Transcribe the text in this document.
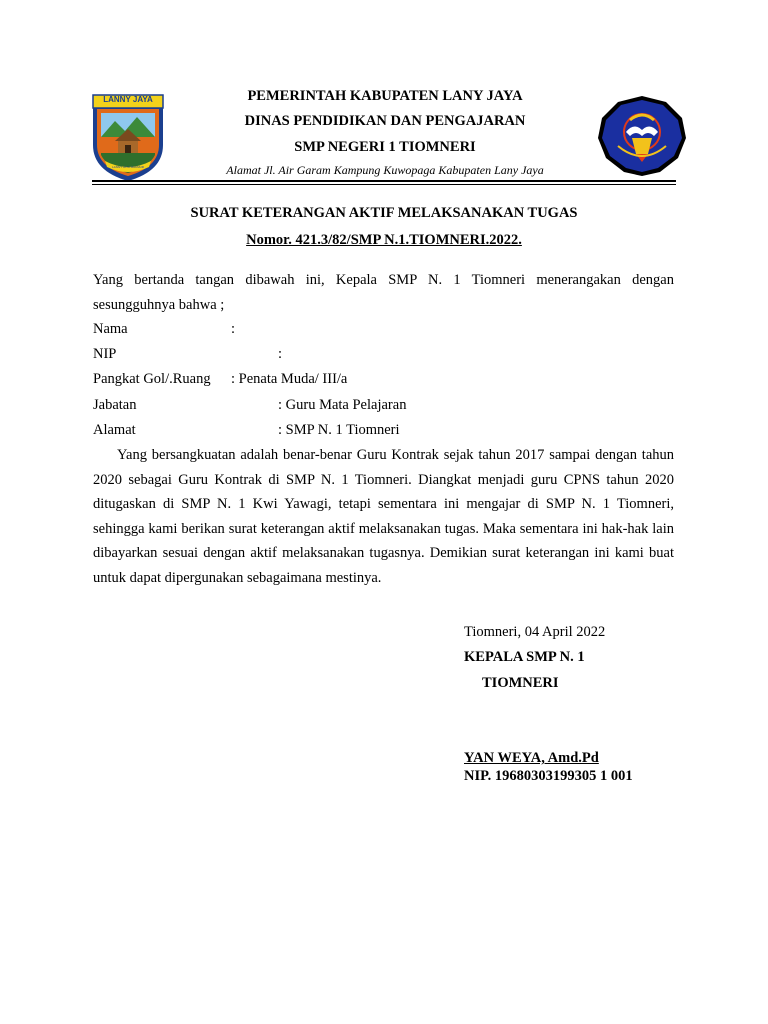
LANNY JAYA
LANNY JAYA MAKMUR
PEMERINTAH KABUPATEN LANY JAYA
DINAS PENDIDIKAN DAN PENGAJARAN
SMP NEGERI 1 TIOMNERI
Alamat Jl. Air Garam Kampung Kuwopaga Kabupaten Lany Jaya
SURAT KETERANGAN AKTIF MELAKSANAKAN TUGAS
Nomor. 421.3/82/SMP N.1.TIOMNERI.2022.

Yang bertanda tangan dibawah ini, Kepala SMP N. 1 Tiomneri menerangakan dengan sesungguhnya bahwa ;

Nama	:
NIP	:
Pangkat Gol/.Ruang : Penata Muda/ III/a
Jabatan	: Guru Mata Pelajaran
Alamat	: SMP N. 1 Tiomneri

Yang bersangkuatan adalah benar-benar Guru Kontrak sejak tahun 2017 sampai dengan tahun 2020 sebagai Guru Kontrak di SMP N. 1 Tiomneri. Diangkat menjadi guru CPNS tahun 2020 ditugaskan di SMP N. 1 Kwi Yawagi, tetapi sementara ini mengajar di SMP N. 1 Tiomneri, sehingga kami berikan surat keterangan aktif melaksanakan tugas. Maka sementara ini hak-hak lain dibayarkan sesuai dengan aktif melaksanakan tugasnya. Demikian surat keterangan ini kami buat untuk dapat dipergunakan sebagaimana mestinya.

Tiomneri, 04 April 2022
KEPALA SMP N. 1
TIOMNERI
YAN WEYA, Amd.Pd
NIP. 19680303199305 1 001
